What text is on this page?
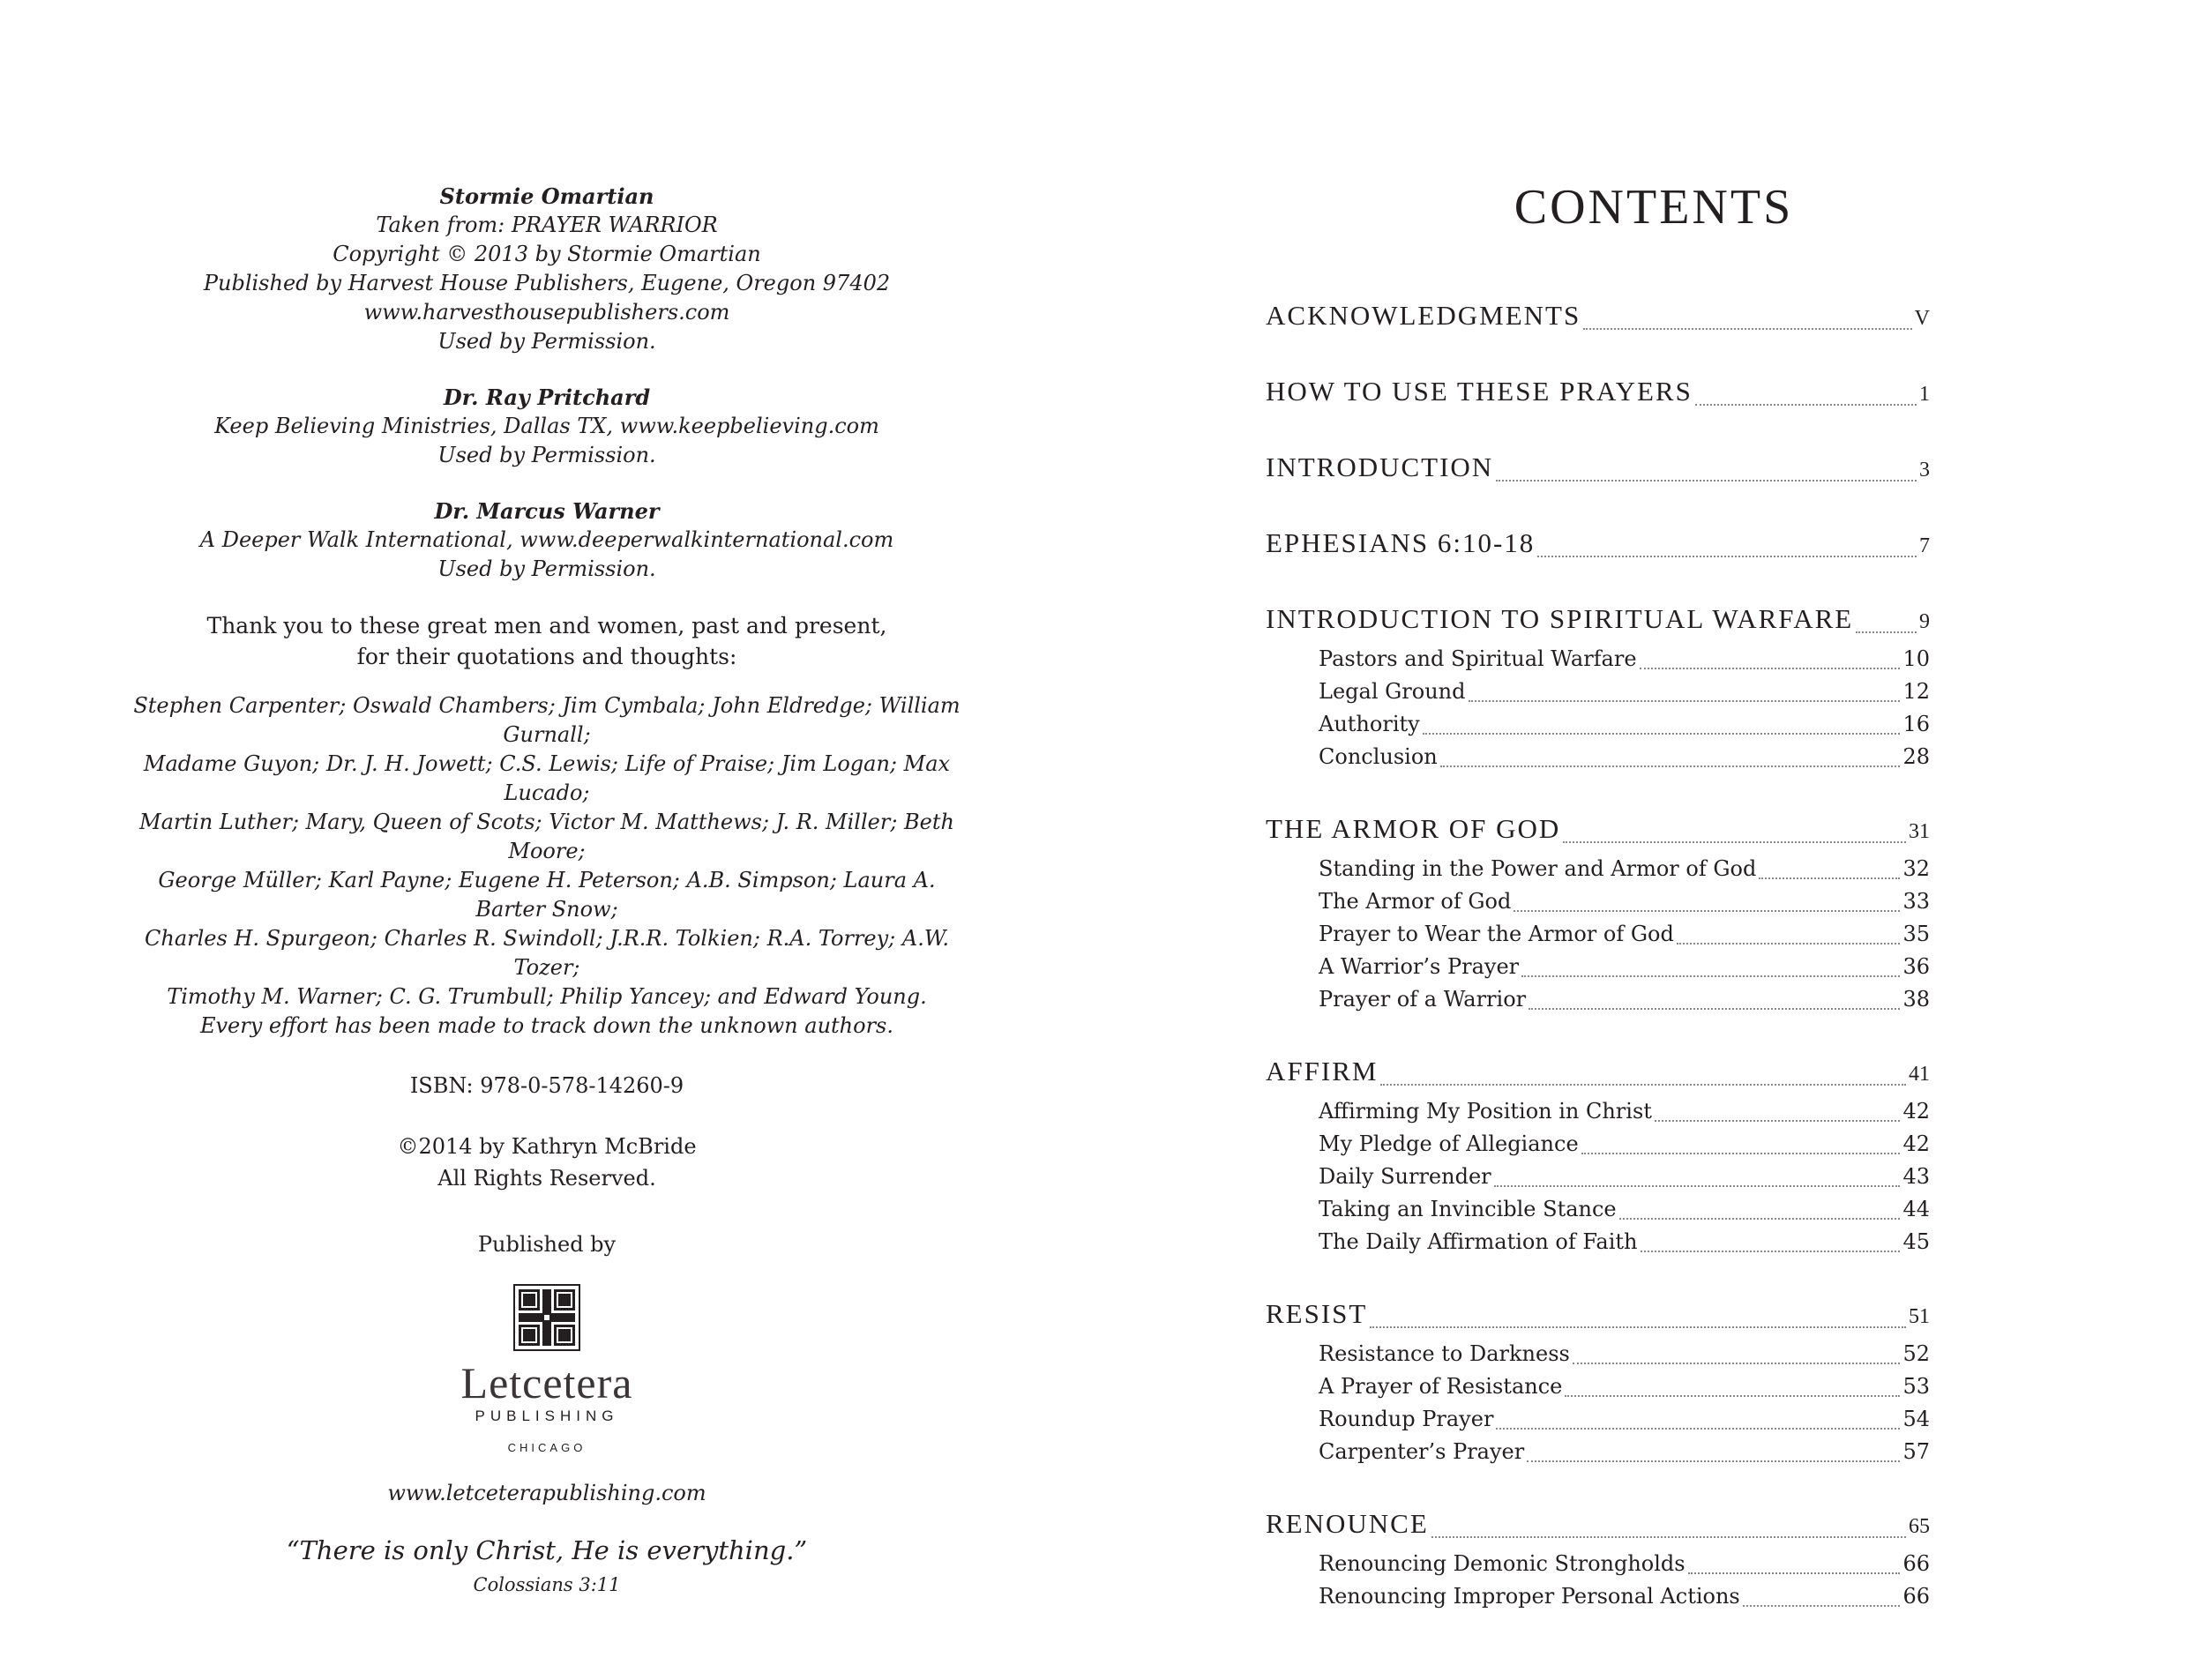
Stormie Omartian
Taken from: PRAYER WARRIOR
Copyright © 2013 by Stormie Omartian
Published by Harvest House Publishers, Eugene, Oregon 97402
www.harvesthousepublishers.com
Used by Permission.
Dr. Ray Pritchard
Keep Believing Ministries, Dallas TX, www.keepbelieving.com
Used by Permission.
Dr. Marcus Warner
A Deeper Walk International, www.deeperwalkinternational.com
Used by Permission.
Thank you to these great men and women, past and present,
for their quotations and thoughts:
Stephen Carpenter; Oswald Chambers; Jim Cymbala; John Eldredge; William Gurnall;
Madame Guyon; Dr. J. H. Jowett; C.S. Lewis; Life of Praise; Jim Logan; Max Lucado;
Martin Luther; Mary, Queen of Scots; Victor M. Matthews; J. R. Miller; Beth Moore;
George Müller; Karl Payne; Eugene H. Peterson; A.B. Simpson; Laura A. Barter Snow;
Charles H. Spurgeon; Charles R. Swindoll; J.R.R. Tolkien; R.A. Torrey; A.W. Tozer;
Timothy M. Warner; C. G. Trumbull; Philip Yancey; and Edward Young.
Every effort has been made to track down the unknown authors.
ISBN: 978-0-578-14260-9
©2014 by Kathryn McBride
All Rights Reserved.
Published by
Letcetera
PUBLISHING
CHICAGO
www.letceterapublishing.com
“There is only Christ, He is everything.”
Colossians 3:11
CONTENTS
ACKNOWLEDGMENTS	V
HOW TO USE THESE PRAYERS	1
INTRODUCTION	3
EPHESIANS 6:10-18	7
INTRODUCTION TO SPIRITUAL WARFARE	9
Pastors and Spiritual Warfare	10
Legal Ground	12
Authority	16
Conclusion	28
THE ARMOR OF GOD	31
Standing in the Power and Armor of God	32
The Armor of God	33
Prayer to Wear the Armor of God	35
A Warrior’s Prayer	36
Prayer of a Warrior	38
AFFIRM	41
Affirming My Position in Christ	42
My Pledge of Allegiance	42
Daily Surrender	43
Taking an Invincible Stance	44
The Daily Affirmation of Faith	45
RESIST	51
Resistance to Darkness	52
A Prayer of Resistance	53
Roundup Prayer	54
Carpenter’s Prayer	57
RENOUNCE	65
Renouncing Demonic Strongholds	66
Renouncing Improper Personal Actions	66
